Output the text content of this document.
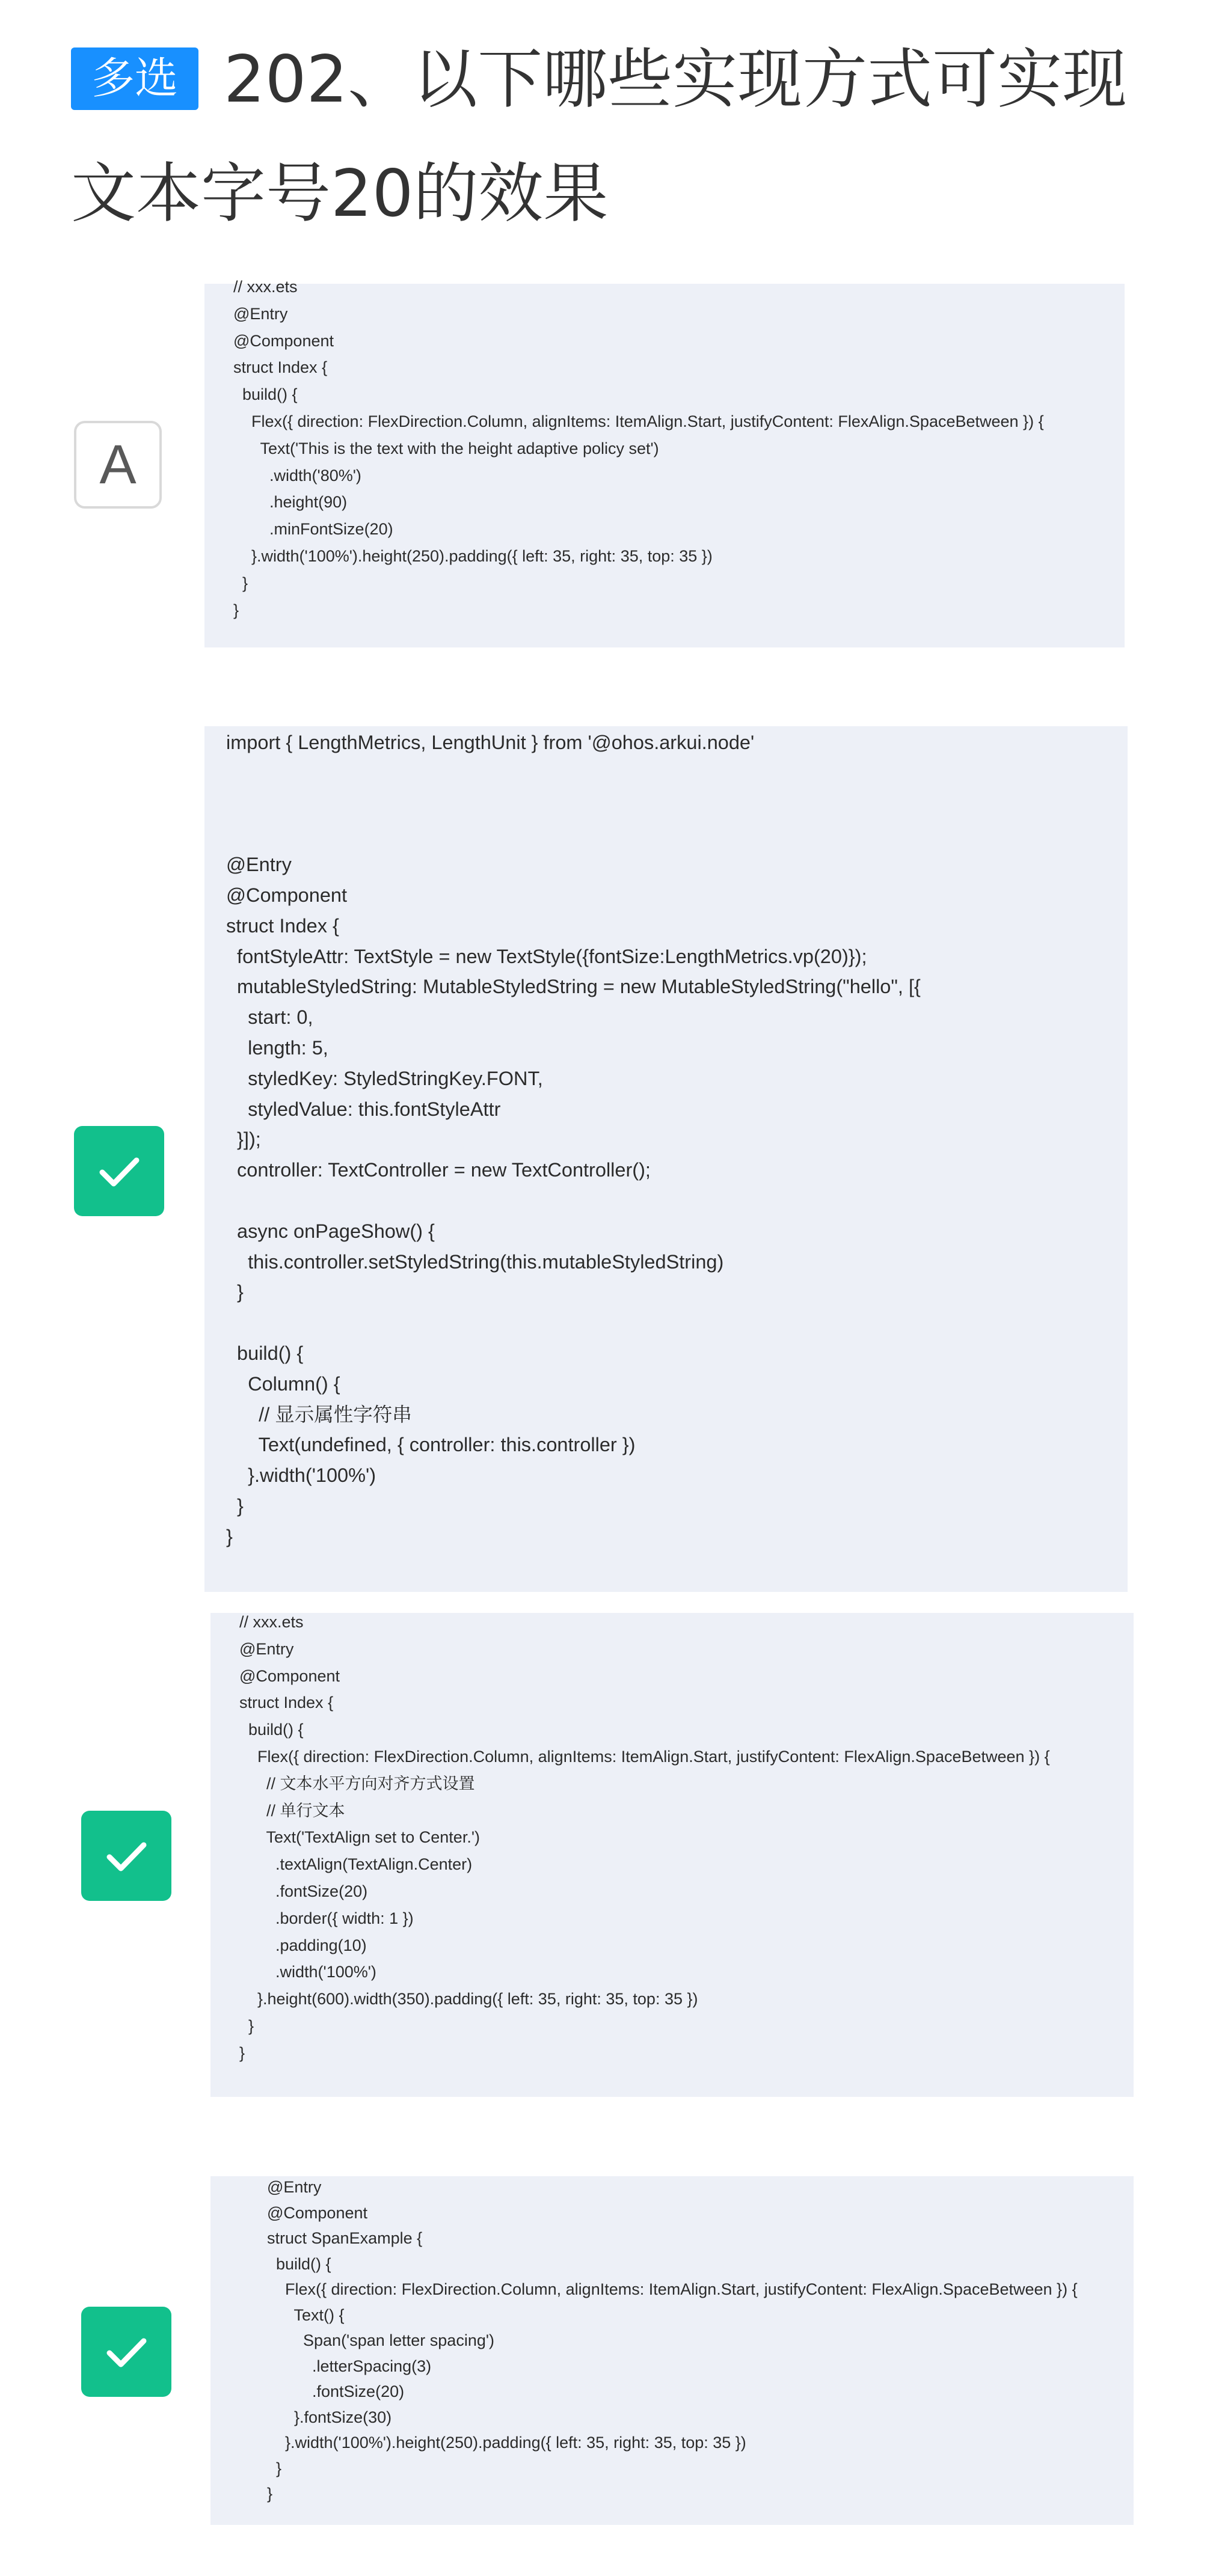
多选 202、以下哪些实现方式可实现文本字号20的效果
A
// xxx.ets
@Entry
@Component
struct Index {
build() {
Flex({ direction: FlexDirection.Column, alignItems: ItemAlign.Start, justifyContent: FlexAlign.SpaceBetween }) {
Text('This is the text with the height adaptive policy set')
.width('80%')
.height(90)
.minFontSize(20)
}.width('100%').height(250).padding({ left: 35, right: 35, top: 35 })
}
}
import { LengthMetrics, LengthUnit } from '@ohos.arkui.node'

@Entry
@Component
struct Index {
fontStyleAttr: TextStyle = new TextStyle({fontSize:LengthMetrics.vp(20)});
mutableStyledString: MutableStyledString = new MutableStyledString("hello", [{
start: 0,
length: 5,
styledKey: StyledStringKey.FONT,
styledValue: this.fontStyleAttr
}]);
controller: TextController = new TextController();

async onPageShow() {
this.controller.setStyledString(this.mutableStyledString)
}

build() {
Column() {
// 显示属性字符串
Text(undefined, { controller: this.controller })
}.width('100%')
}
}
// xxx.ets
@Entry
@Component
struct Index {
build() {
Flex({ direction: FlexDirection.Column, alignItems: ItemAlign.Start, justifyContent: FlexAlign.SpaceBetween }) {
// 文本水平方向对齐方式设置
// 单行文本
Text('TextAlign set to Center.')
.textAlign(TextAlign.Center)
.fontSize(20)
.border({ width: 1 })
.padding(10)
.width('100%')
}.height(600).width(350).padding({ left: 35, right: 35, top: 35 })
}
}
@Entry
@Component
struct SpanExample {
build() {
Flex({ direction: FlexDirection.Column, alignItems: ItemAlign.Start, justifyContent: FlexAlign.SpaceBetween }) {
Text() {
Span('span letter spacing')
.letterSpacing(3)
.fontSize(20)
}.fontSize(30)
}.width('100%').height(250).padding({ left: 35, right: 35, top: 35 })
}
}
